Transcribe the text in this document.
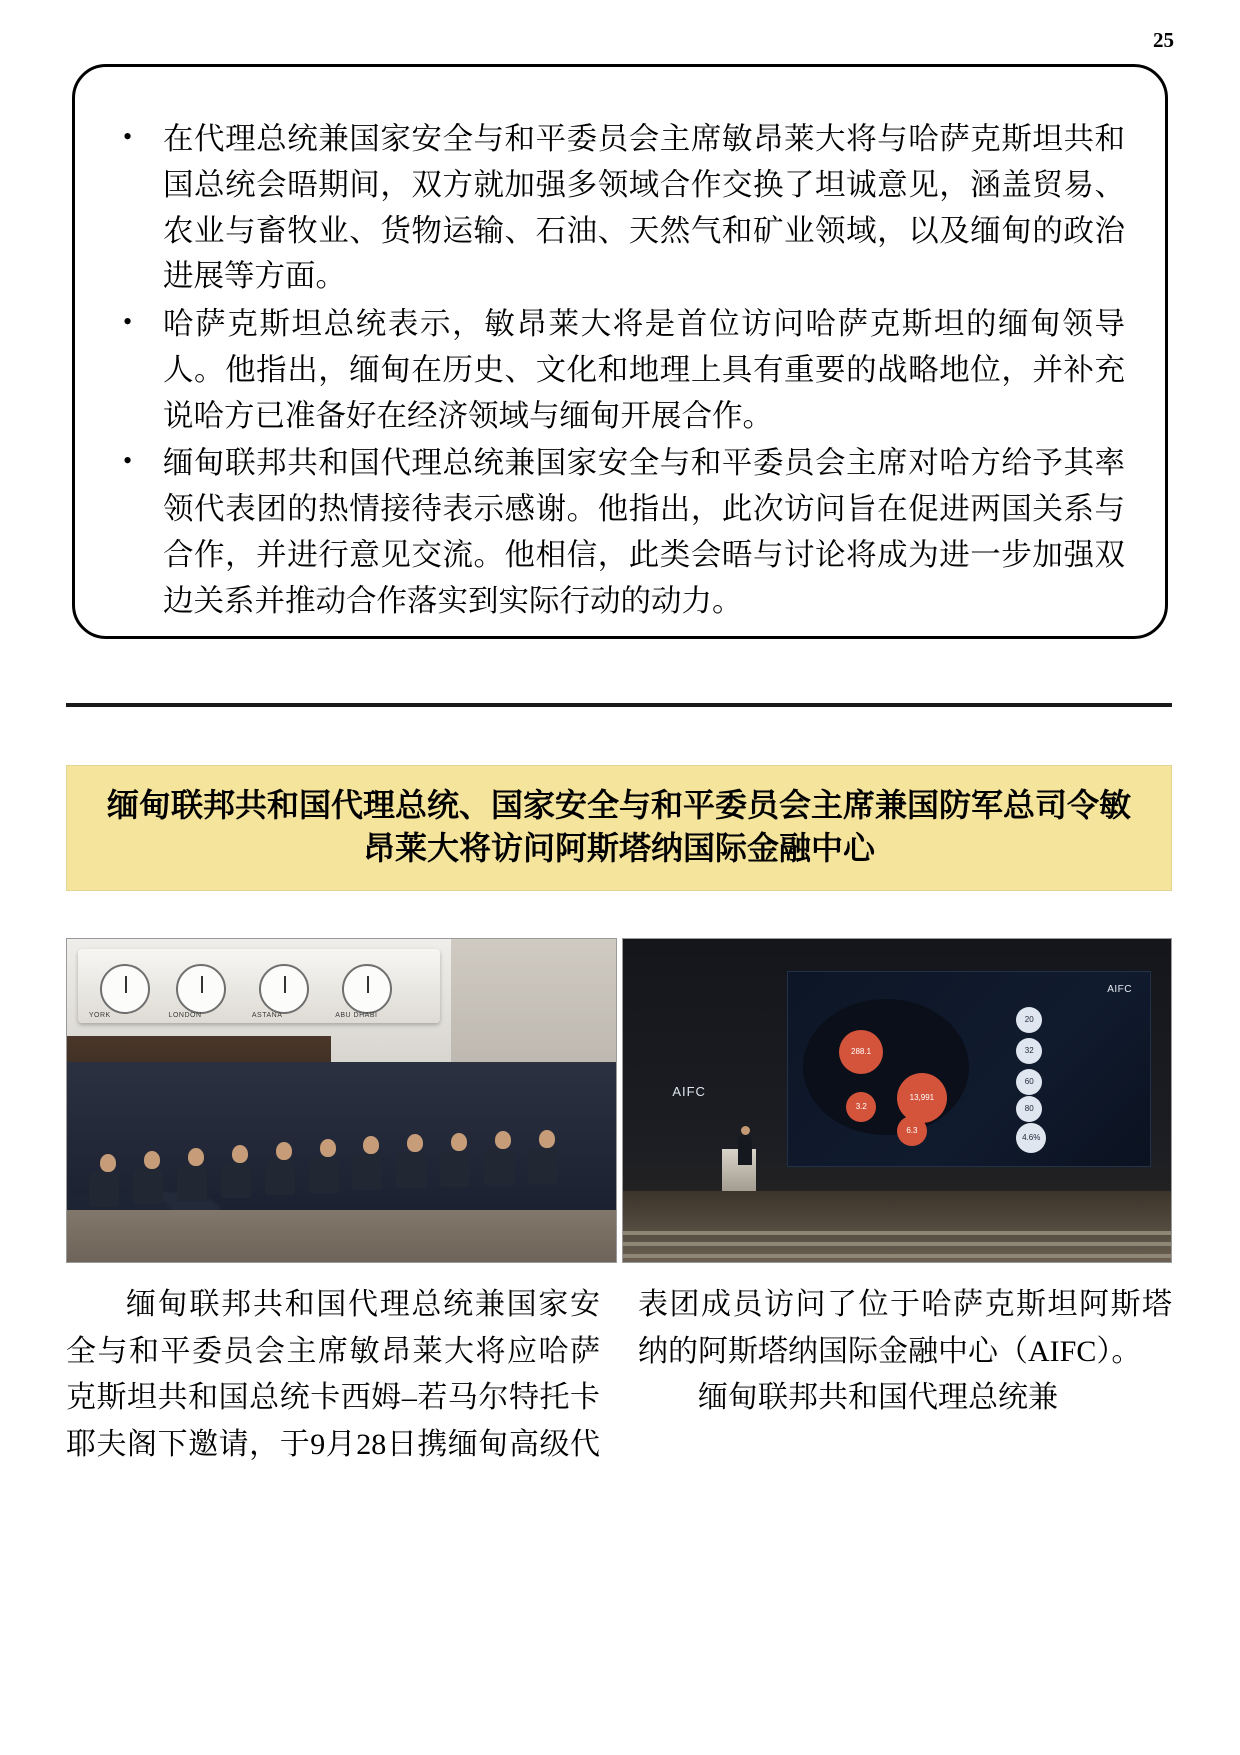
25
• 在代理总统兼国家安全与和平委员会主席敏昂莱大将与哈萨克斯坦共和国总统会晤期间，双方就加强多领域合作交换了坦诚意见，涵盖贸易、农业与畜牧业、货物运输、石油、天然气和矿业领域，以及缅甸的政治进展等方面。
• 哈萨克斯坦总统表示，敏昂莱大将是首位访问哈萨克斯坦的缅甸领导人。他指出，缅甸在历史、文化和地理上具有重要的战略地位，并补充说哈方已准备好在经济领域与缅甸开展合作。
• 缅甸联邦共和国代理总统兼国家安全与和平委员会主席对哈方给予其率领代表团的热情接待表示感谢。他指出，此次访问旨在促进两国关系与合作，并进行意见交流。他相信，此类会晤与讨论将成为进一步加强双边关系并推动合作落实到实际行动的动力。
缅甸联邦共和国代理总统、国家安全与和平委员会主席兼国防军总司令敏昂莱大将访问阿斯塔纳国际金融中心
YORK	LONDON	ASTANA	ABU DHABI
AIFC
AIFC
288.1
13,991
3.2
6.3
20
32
60
80
4.6%

缅甸联邦共和国代理总统兼国家安全与和平委员会主席敏昂莱大将应哈萨克斯坦共和国总统卡西姆–若马尔特托卡耶夫阁下邀请，于9月28日携缅甸高级代表团成员访问了位于哈萨克斯坦阿斯塔纳的阿斯塔纳国际金融中心（AIFC）。

缅甸联邦共和国代理总统兼
